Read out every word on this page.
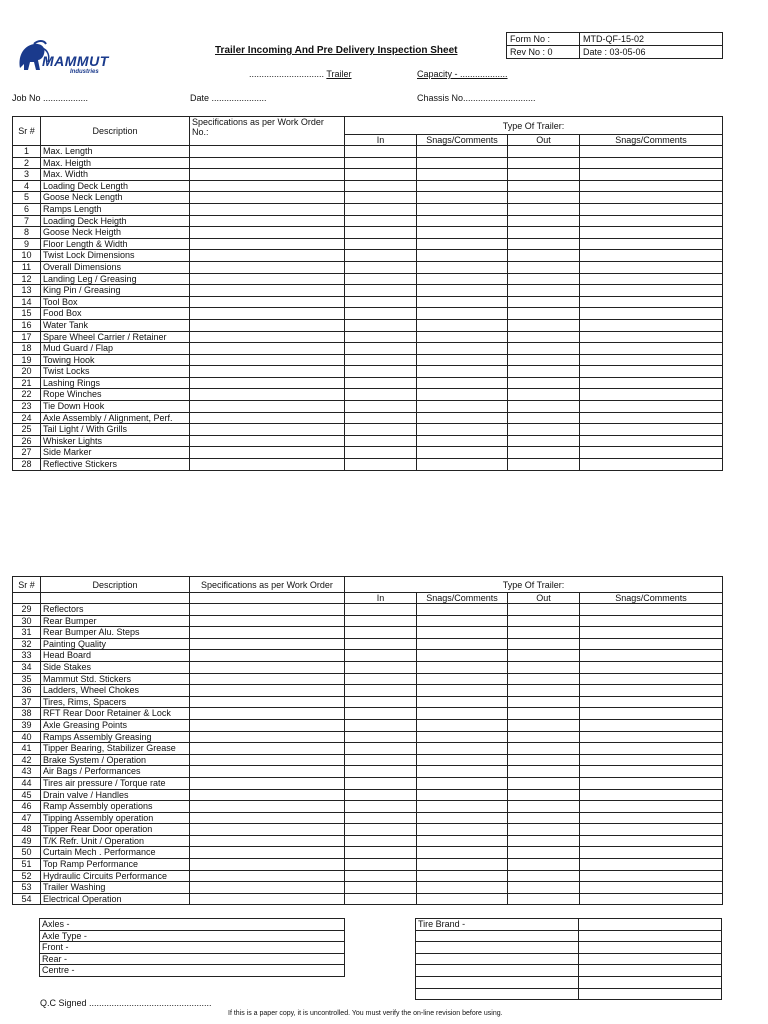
MAMMUT
Industries
Trailer Incoming And Pre Delivery Inspection Sheet
Form No :	MTD-QF-15-02
Rev No : 0	Date : 03-05-06
.............................. Trailer	Capacity - ...................
Job No ..................	Date ......................	Chassis No.............................
Sr #	Description	Specifications as per Work Order No.:	Type Of Trailer:			
			In	Snags/Comments	Out	Snags/Comments
1	Max. Length					
2	Max. Heigth					
3	Max. Width					
4	Loading Deck Length					
5	Goose Neck Length					
6	Ramps Length					
7	Loading Deck Heigth					
8	Goose Neck Heigth					
9	Floor Length & Width					
10	Twist Lock Dimensions					
11	Overall Dimensions					
12	Landing Leg / Greasing					
13	King Pin / Greasing					
14	Tool Box					
15	Food Box					
16	Water Tank					
17	Spare Wheel Carrier / Retainer					
18	Mud Guard / Flap					
19	Towing Hook					
20	Twist Locks					
21	Lashing Rings					
22	Rope Winches					
23	Tie Down Hook					
24	Axle Assembly / Alignment, Perf.					
25	Tail Light / With Grills					
26	Whisker Lights					
27	Side Marker					
28	Reflective Stickers					
Sr #	Description	Specifications as per Work Order	Type Of Trailer:			
			In	Snags/Comments	Out	Snags/Comments
29	Reflectors					
30	Rear Bumper					
31	Rear Bumper Alu. Steps					
32	Painting Quality					
33	Head Board					
34	Side Stakes					
35	Mammut Std. Stickers					
36	Ladders, Wheel Chokes					
37	Tires, Rims, Spacers					
38	RFT Rear Door Retainer & Lock					
39	Axle Greasing Points					
40	Ramps Assembly Greasing					
41	Tipper Bearing, Stabilizer Grease					
42	Brake System / Operation					
43	Air Bags / Performances					
44	Tires air pressure / Torque rate					
45	Drain valve / Handles					
46	Ramp Assembly operations					
47	Tipping Assembly operation					
48	Tipper Rear Door operation					
49	T/K Refr. Unit / Operation					
50	Curtain Mech . Performance					
51	Top Ramp Performance					
52	Hydraulic Circuits Performance					
53	Trailer Washing					
54	Electrical Operation					
Axles -
Axle Type -
Front -
Rear -
Centre -
Tire Brand -	

Q.C Signed .................................................
If this is a paper copy, it is uncontrolled. You must verify the on-line revision before using.
